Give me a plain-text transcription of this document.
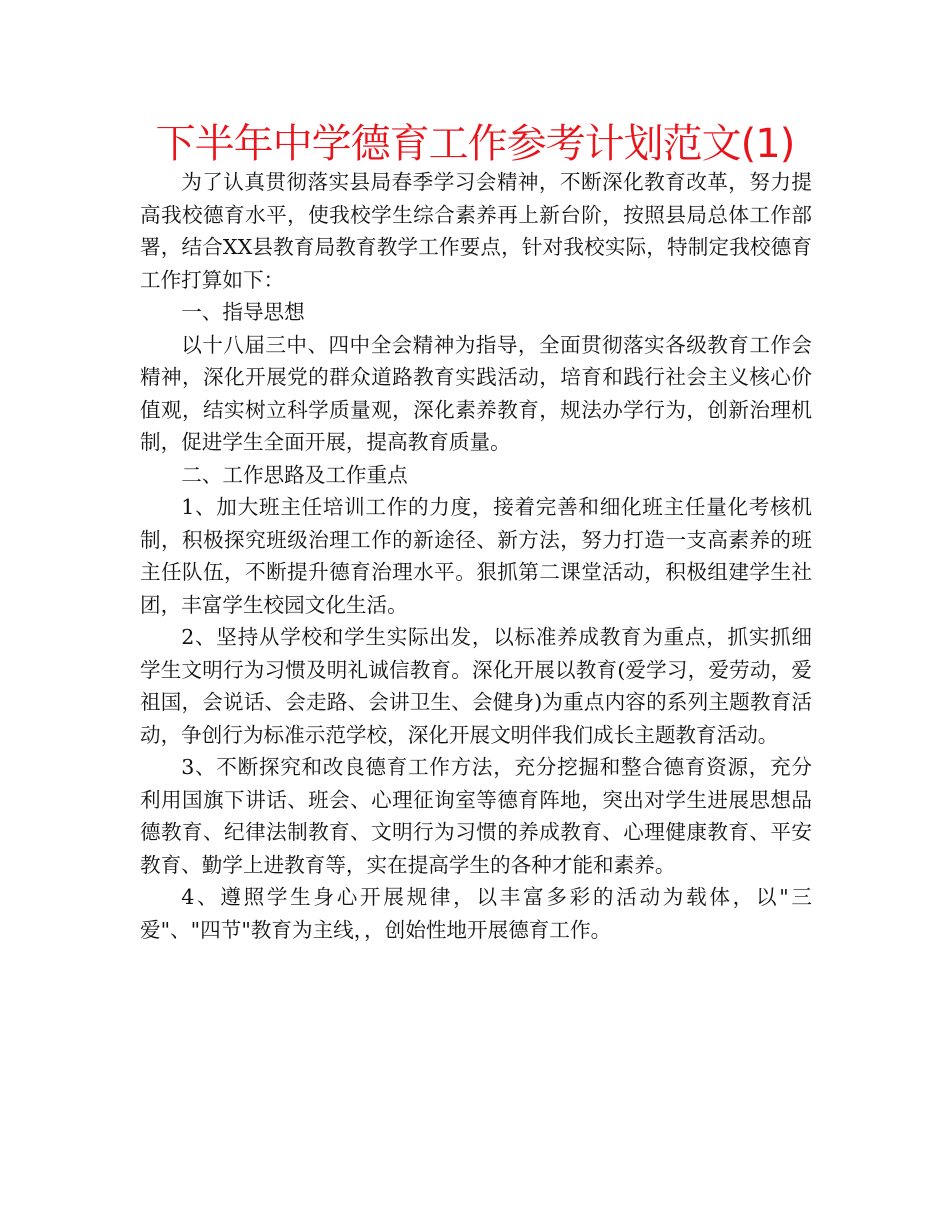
下半年中学德育工作参考计划范文(1)

为了认真贯彻落实县局春季学习会精神，不断深化教育改革，努力提高我校德育水平，使我校学生综合素养再上新台阶，按照县局总体工作部署，结合XX县教育局教育教学工作要点，针对我校实际，特制定我校德育工作打算如下：

一、指导思想

以十八届三中、四中全会精神为指导，全面贯彻落实各级教育工作会精神，深化开展党的群众道路教育实践活动，培育和践行社会主义核心价值观，结实树立科学质量观，深化素养教育，规法办学行为，创新治理机制，促进学生全面开展，提高教育质量。

二、工作思路及工作重点

1、加大班主任培训工作的力度，接着完善和细化班主任量化考核机制，积极探究班级治理工作的新途径、新方法，努力打造一支高素养的班主任队伍，不断提升德育治理水平。狠抓第二课堂活动，积极组建学生社团，丰富学生校园文化生活。

2、坚持从学校和学生实际出发，以标准养成教育为重点，抓实抓细学生文明行为习惯及明礼诚信教育。深化开展以教育(爱学习，爱劳动，爱祖国，会说话、会走路、会讲卫生、会健身)为重点内容的系列主题教育活动，争创行为标准示范学校，深化开展文明伴我们成长主题教育活动。

3、不断探究和改良德育工作方法，充分挖掘和整合德育资源，充分利用国旗下讲话、班会、心理征询室等德育阵地，突出对学生进展思想品德教育、纪律法制教育、文明行为习惯的养成教育、心理健康教育、平安教育、勤学上进教育等，实在提高学生的各种才能和素养。

4、遵照学生身心开展规律，以丰富多彩的活动为载体，以"三爱"、"四节"教育为主线，，创始性地开展德育工作。
